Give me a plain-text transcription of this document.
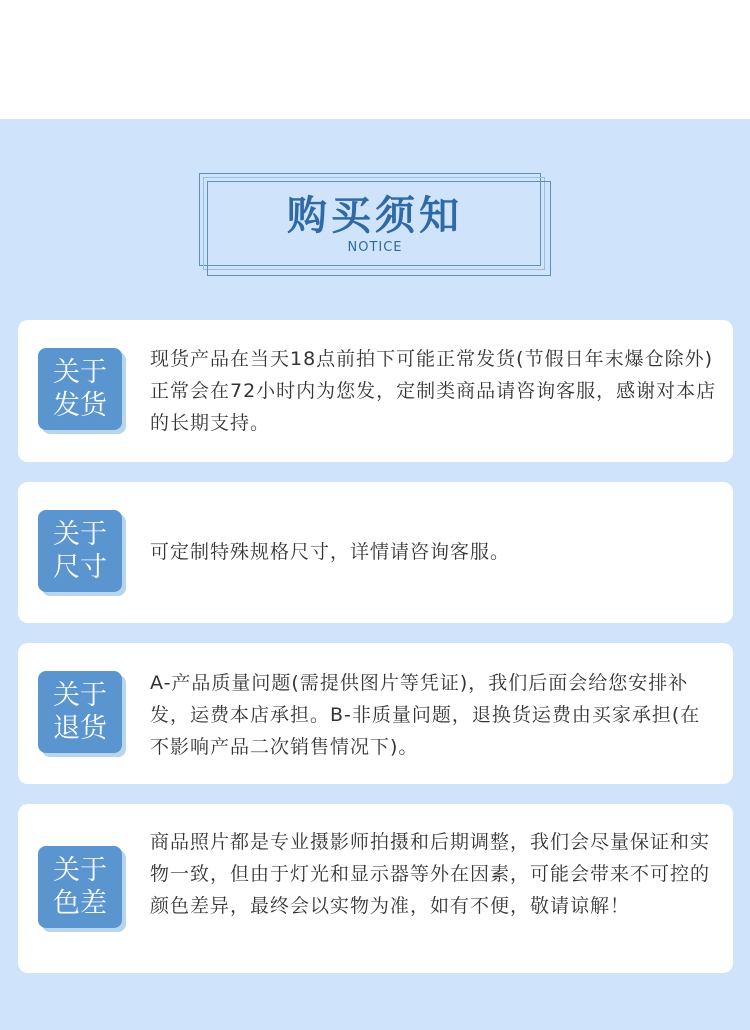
购买须知
NOTICE
关于
发货
现货产品在当天18点前拍下可能正常发货(节假日年末爆仓除外)正常会在72小时内为您发，定制类商品请咨询客服，感谢对本店的长期支持。
关于
尺寸	可定制特殊规格尺寸，详情请咨询客服。
关于
退货
A-产品质量问题(需提供图片等凭证)，我们后面会给您安排补发，运费本店承担。B-非质量问题，退换货运费由买家承担(在不影响产品二次销售情况下)。
关于
色差
商品照片都是专业摄影师拍摄和后期调整，我们会尽量保证和实物一致，但由于灯光和显示器等外在因素，可能会带来不可控的颜色差异，最终会以实物为准，如有不便，敬请谅解！
